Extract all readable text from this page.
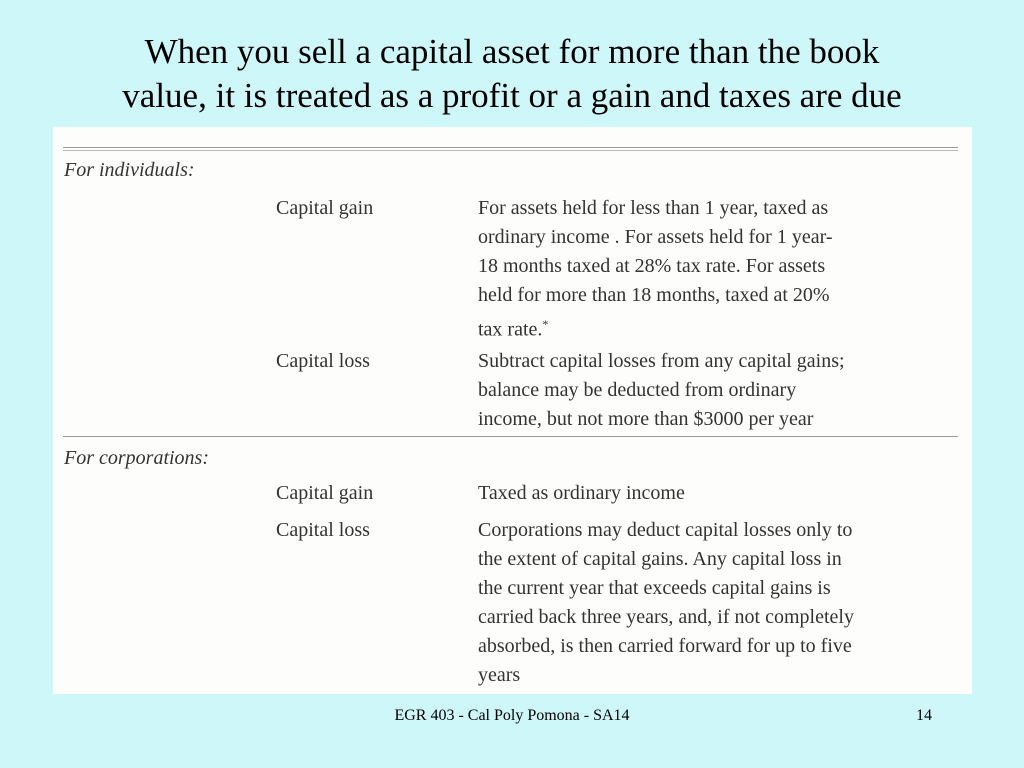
When you sell a capital asset for more than the book
value, it is treated as a profit or a gain and taxes are due
For individuals:
Capital gain	For assets held for less than 1 year, taxed as
ordinary income . For assets held for 1 year-
18 months taxed at 28% tax rate. For assets
held for more than 18 months, taxed at 20%
tax rate.*
Capital loss	Subtract capital losses from any capital gains;
balance may be deducted from ordinary
income, but not more than $3000 per year
For corporations:
Capital gain	Taxed as ordinary income
Capital loss	Corporations may deduct capital losses only to
the extent of capital gains. Any capital loss in
the current year that exceeds capital gains is
carried back three years, and, if not completely
absorbed, is then carried forward for up to five
years
EGR 403 - Cal Poly Pomona - SA14	14
